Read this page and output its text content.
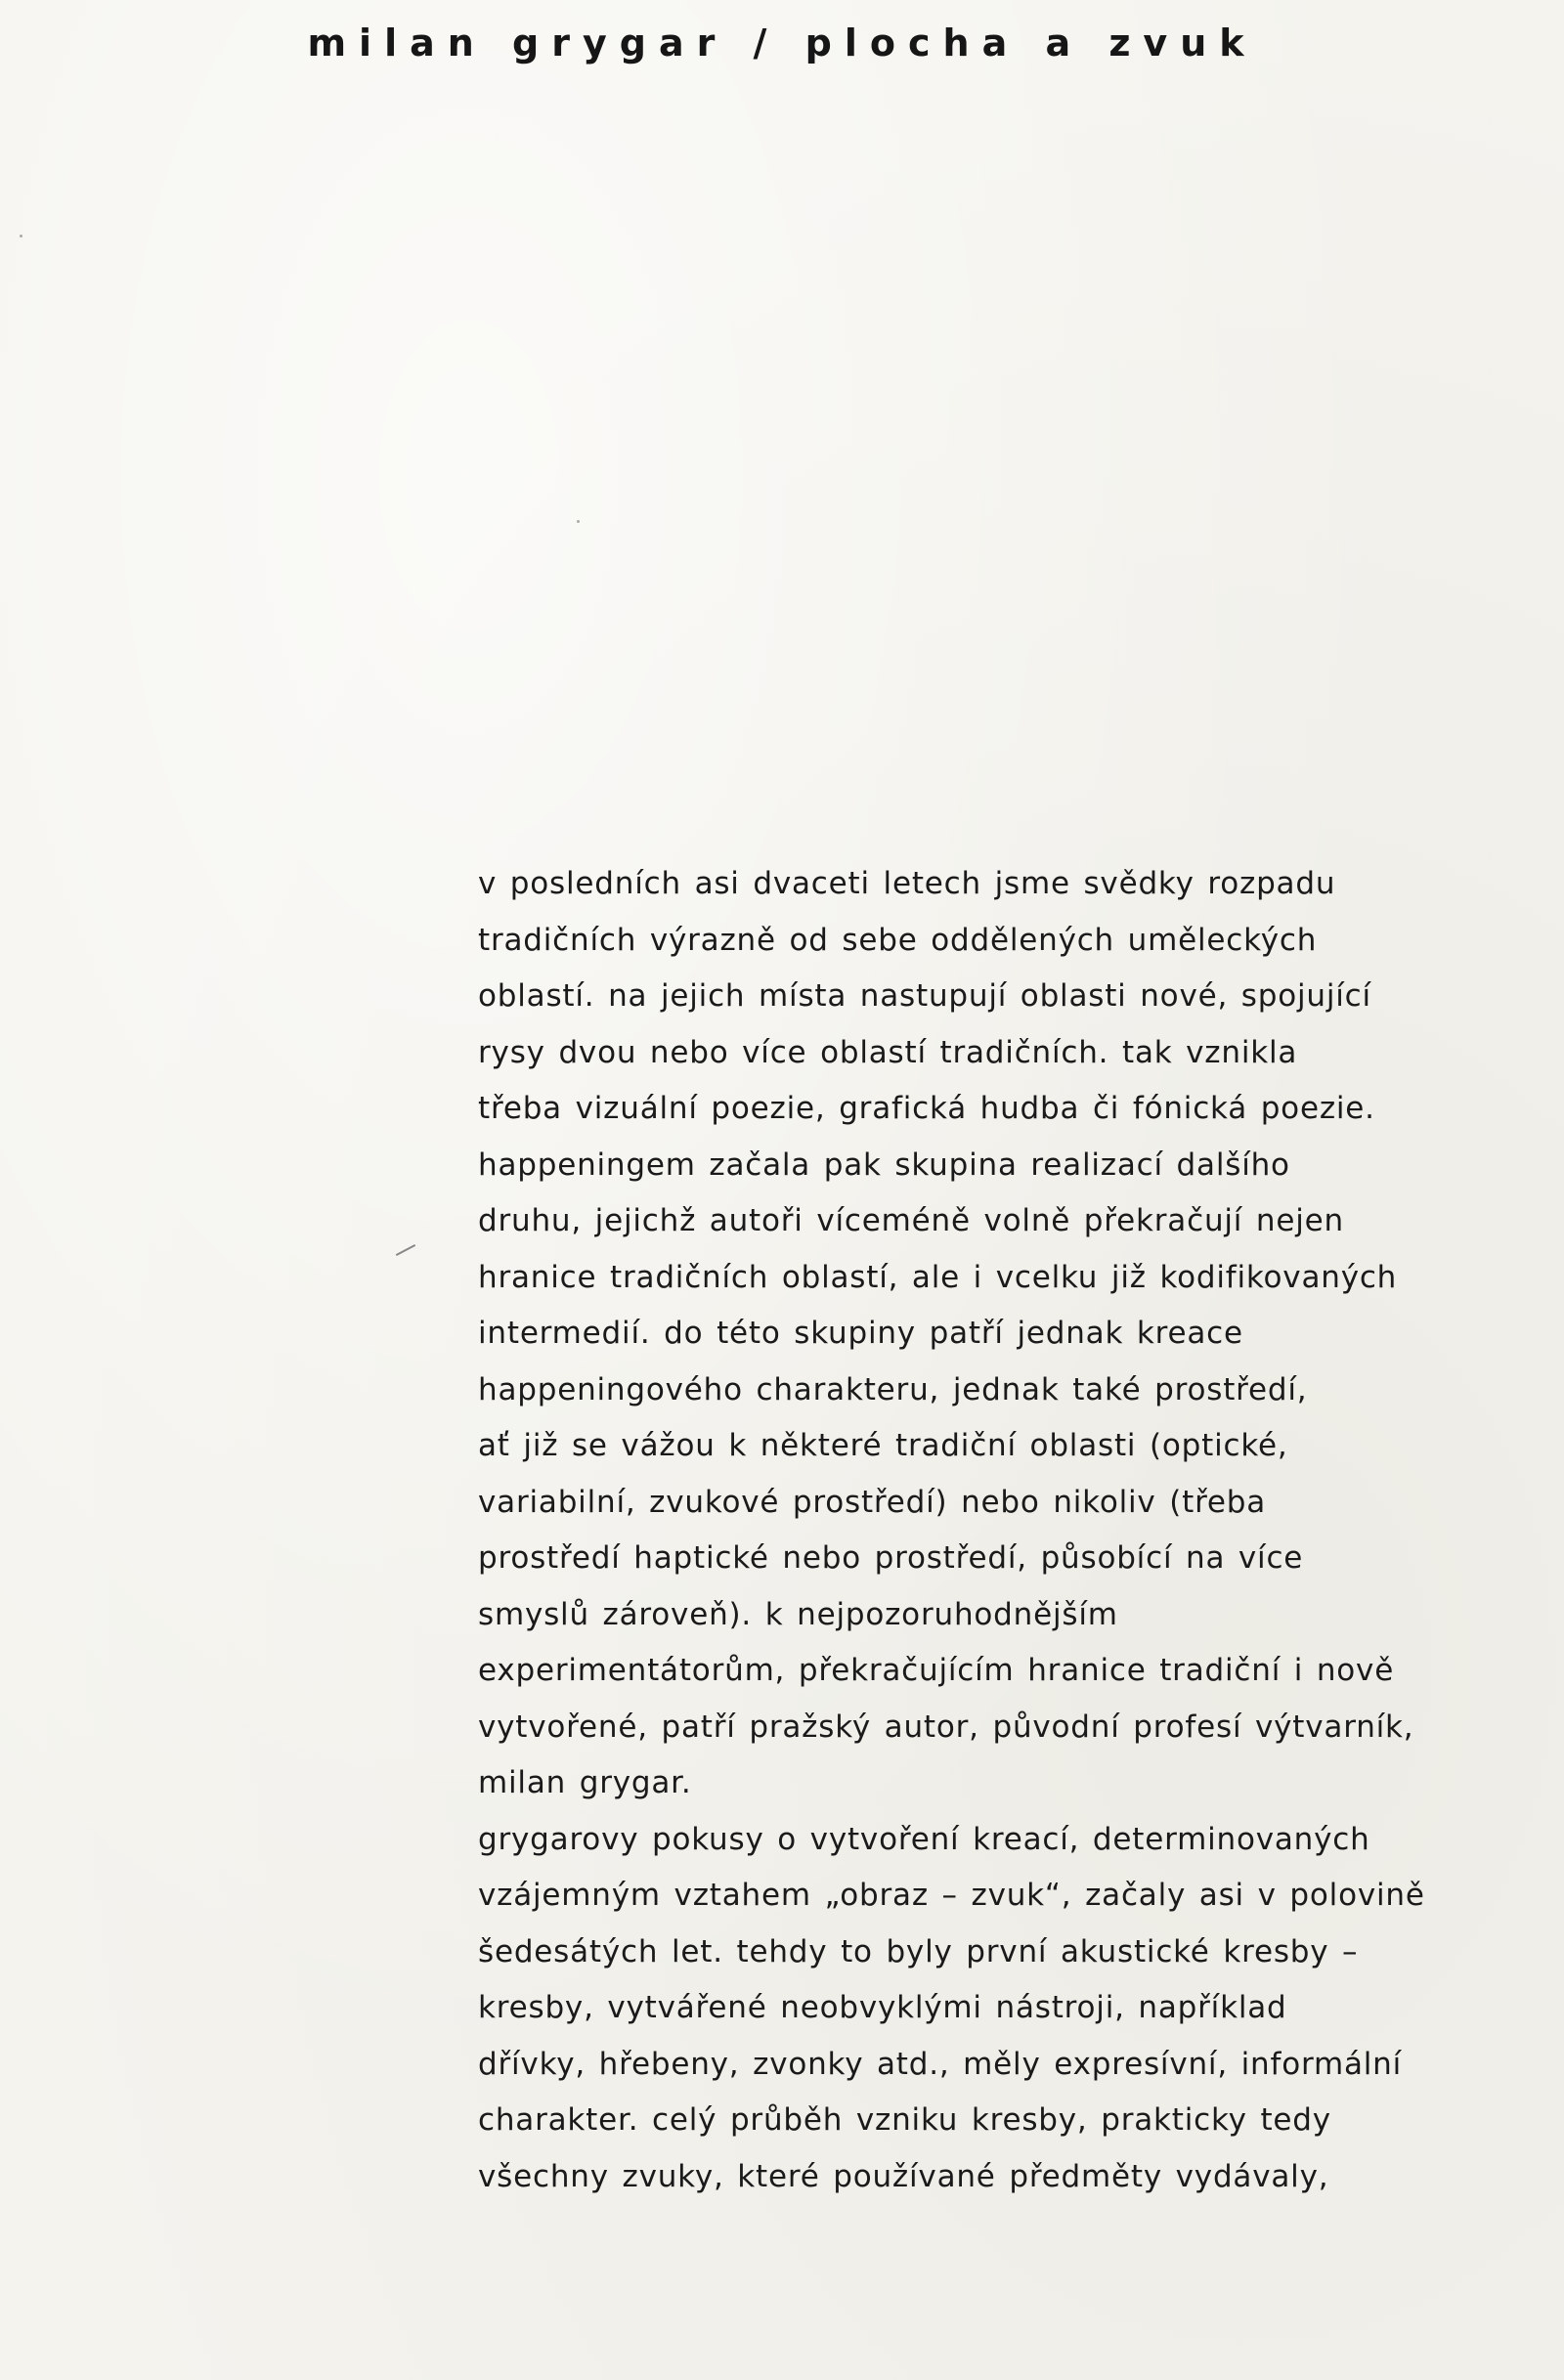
milan grygar / plocha a zvuk
v posledních asi dvaceti letech jsme svědky rozpadu
tradičních výrazně od sebe oddělených uměleckých
oblastí. na jejich místa nastupují oblasti nové, spojující
rysy dvou nebo více oblastí tradičních. tak vznikla
třeba vizuální poezie, grafická hudba či fónická poezie.
happeningem začala pak skupina realizací dalšího
druhu, jejichž autoři víceméně volně překračují nejen
hranice tradičních oblastí, ale i vcelku již kodifikovaných
intermedií. do této skupiny patří jednak kreace
happeningového charakteru, jednak také prostředí,
ať již se vážou k některé tradiční oblasti (optické,
variabilní, zvukové prostředí) nebo nikoliv (třeba
prostředí haptické nebo prostředí, působící na více
smyslů zároveň). k nejpozoruhodnějším
experimentátorům, překračujícím hranice tradiční i nově
vytvořené, patří pražský autor, původní profesí výtvarník,
milan grygar.
grygarovy pokusy o vytvoření kreací, determinovaných
vzájemným vztahem „obraz – zvuk“, začaly asi v polovině
šedesátých let. tehdy to byly první akustické kresby –
kresby, vytvářené neobvyklými nástroji, například
dřívky, hřebeny, zvonky atd., měly expresívní, informální
charakter. celý průběh vzniku kresby, prakticky tedy
všechny zvuky, které používané předměty vydávaly,
